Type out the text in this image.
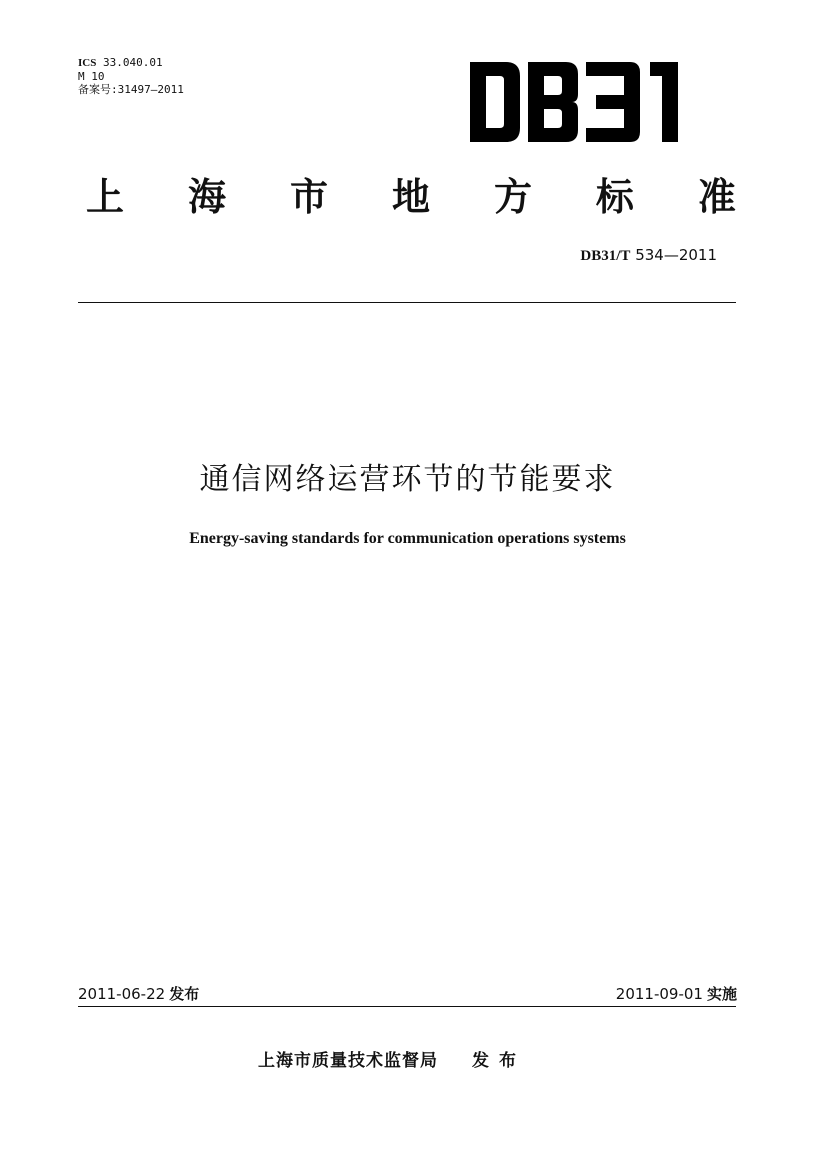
ICS 33.040.01
M 10
备案号:31497—2011
上 海 市 地 方 标 准
DB31/T 534—2011
通信网络运营环节的节能要求
Energy-saving standards for communication operations systems
2011-06-22 发布	2011-09-01 实施
上海市质量技术监督局 发布
